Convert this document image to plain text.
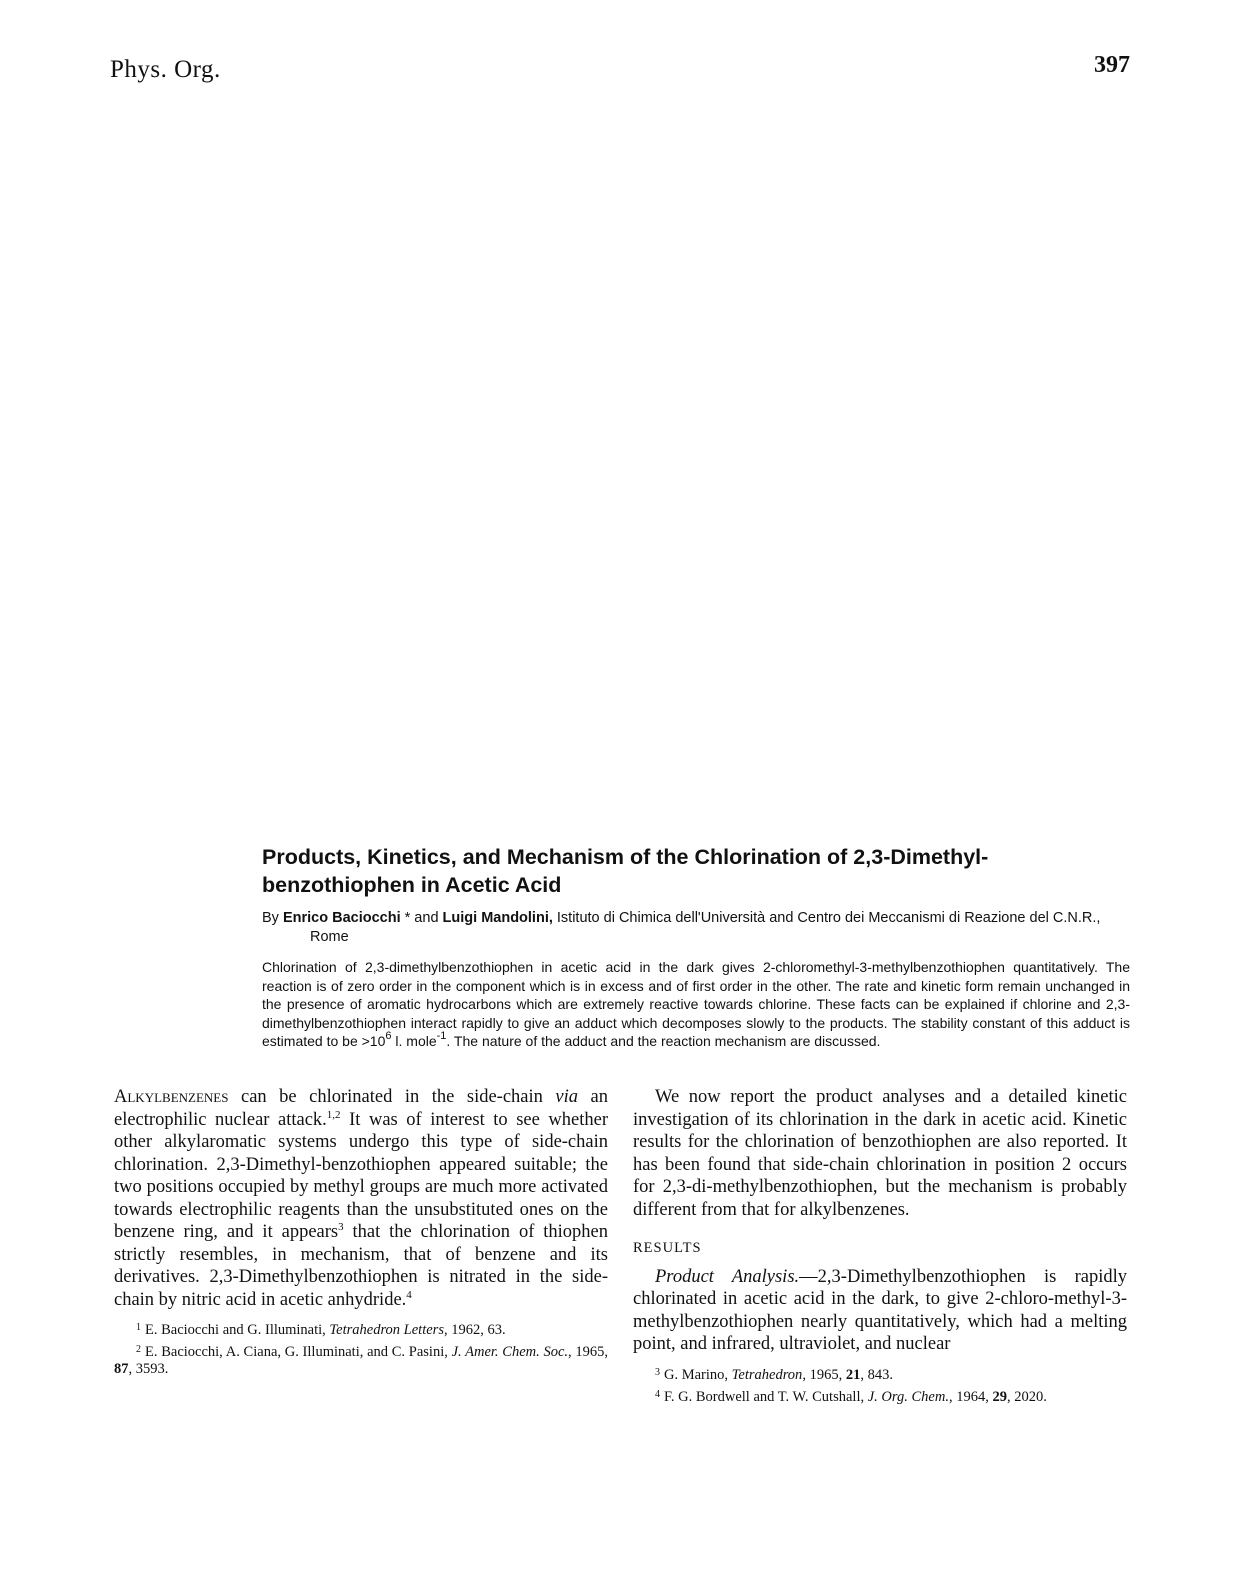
Phys. Org.	397
Products, Kinetics, and Mechanism of the Chlorination of 2,3-Dimethyl-benzothiophen in Acetic Acid
By Enrico Baciocchi * and Luigi Mandolini, Istituto di Chimica dell'Università and Centro dei Meccanismi di Reazione del C.N.R., Rome
Chlorination of 2,3-dimethylbenzothiophen in acetic acid in the dark gives 2-chloromethyl-3-methylbenzothiophen quantitatively. The reaction is of zero order in the component which is in excess and of first order in the other. The rate and kinetic form remain unchanged in the presence of aromatic hydrocarbons which are extremely reactive towards chlorine. These facts can be explained if chlorine and 2,3-dimethylbenzothiophen interact rapidly to give an adduct which decomposes slowly to the products. The stability constant of this adduct is estimated to be $>10^6$ l. mole$^{-1}$. The nature of the adduct and the reaction mechanism are discussed.

Alkylbenzenes can be chlorinated in the side-chain via an electrophilic nuclear attack.$^{1,2}$ It was of interest to see whether other alkylaromatic systems undergo this type of side-chain chlorination. 2,3-Dimethyl-benzothiophen appeared suitable; the two positions occupied by methyl groups are much more activated towards electrophilic reagents than the unsubstituted ones on the benzene ring, and it appears$^3$ that the chlorination of thiophen strictly resembles, in mechanism, that of benzene and its derivatives. 2,3-Dimethylbenzothiophen is nitrated in the side-chain by nitric acid in acetic anhydride.$^4$

$^1$ E. Baciocchi and G. Illuminati, Tetrahedron Letters, 1962, 63.

$^2$ E. Baciocchi, A. Ciana, G. Illuminati, and C. Pasini, J. Amer. Chem. Soc., 1965, 87, 3593.

We now report the product analyses and a detailed kinetic investigation of its chlorination in the dark in acetic acid. Kinetic results for the chlorination of benzothiophen are also reported. It has been found that side-chain chlorination in position 2 occurs for 2,3-di-methylbenzothiophen, but the mechanism is probably different from that for alkylbenzenes.

RESULTS

Product Analysis.—2,3-Dimethylbenzothiophen is rapidly chlorinated in acetic acid in the dark, to give 2-chloro-methyl-3-methylbenzothiophen nearly quantitatively, which had a melting point, and infrared, ultraviolet, and nuclear

$^3$ G. Marino, Tetrahedron, 1965, 21, 843.

$^4$ F. G. Bordwell and T. W. Cutshall, J. Org. Chem., 1964, 29, 2020.
